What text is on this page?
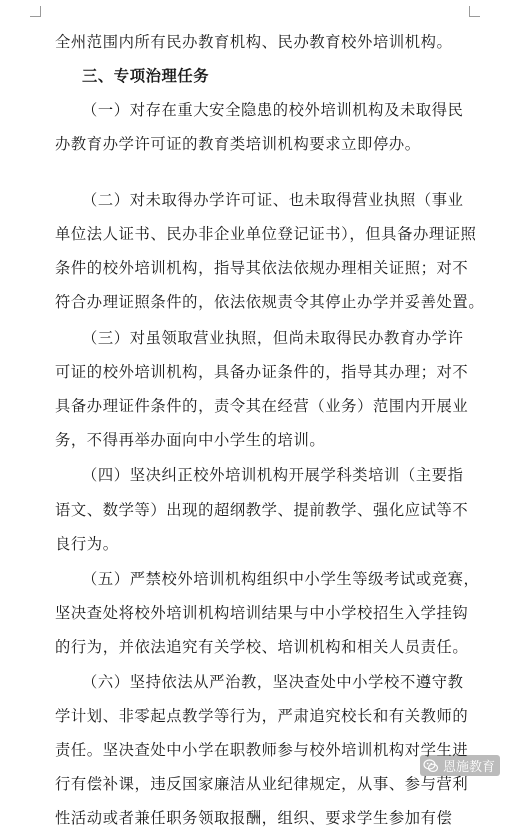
全州范围内所有民办教育机构、民办教育校外培训机构。
三、专项治理任务
（一）对存在重大安全隐患的校外培训机构及未取得民
办教育办学许可证的教育类培训机构要求立即停办。
（二）对未取得办学许可证、也未取得营业执照（事业
单位法人证书、民办非企业单位登记证书），但具备办理证照
条件的校外培训机构，指导其依法依规办理相关证照；对不
符合办理证照条件的，依法依规责令其停止办学并妥善处置。
（三）对虽领取营业执照，但尚未取得民办教育办学许
可证的校外培训机构，具备办证条件的，指导其办理；对不
具备办理证件条件的，责令其在经营（业务）范围内开展业
务，不得再举办面向中小学生的培训。
（四）坚决纠正校外培训机构开展学科类培训（主要指
语文、数学等）出现的超纲教学、提前教学、强化应试等不
良行为。
（五）严禁校外培训机构组织中小学生等级考试或竞赛，
坚决查处将校外培训机构培训结果与中小学校招生入学挂钩
的行为，并依法追究有关学校、培训机构和相关人员责任。
（六）坚持依法从严治教，坚决查处中小学校不遵守教
学计划、非零起点教学等行为，严肃追究校长和有关教师的
责任。坚决查处中小学在职教师参与校外培训机构对学生进
行有偿补课，违反国家廉洁从业纪律规定，从事、参与营利
性活动或者兼任职务领取报酬，组织、要求学生参加有偿
恩施教育
